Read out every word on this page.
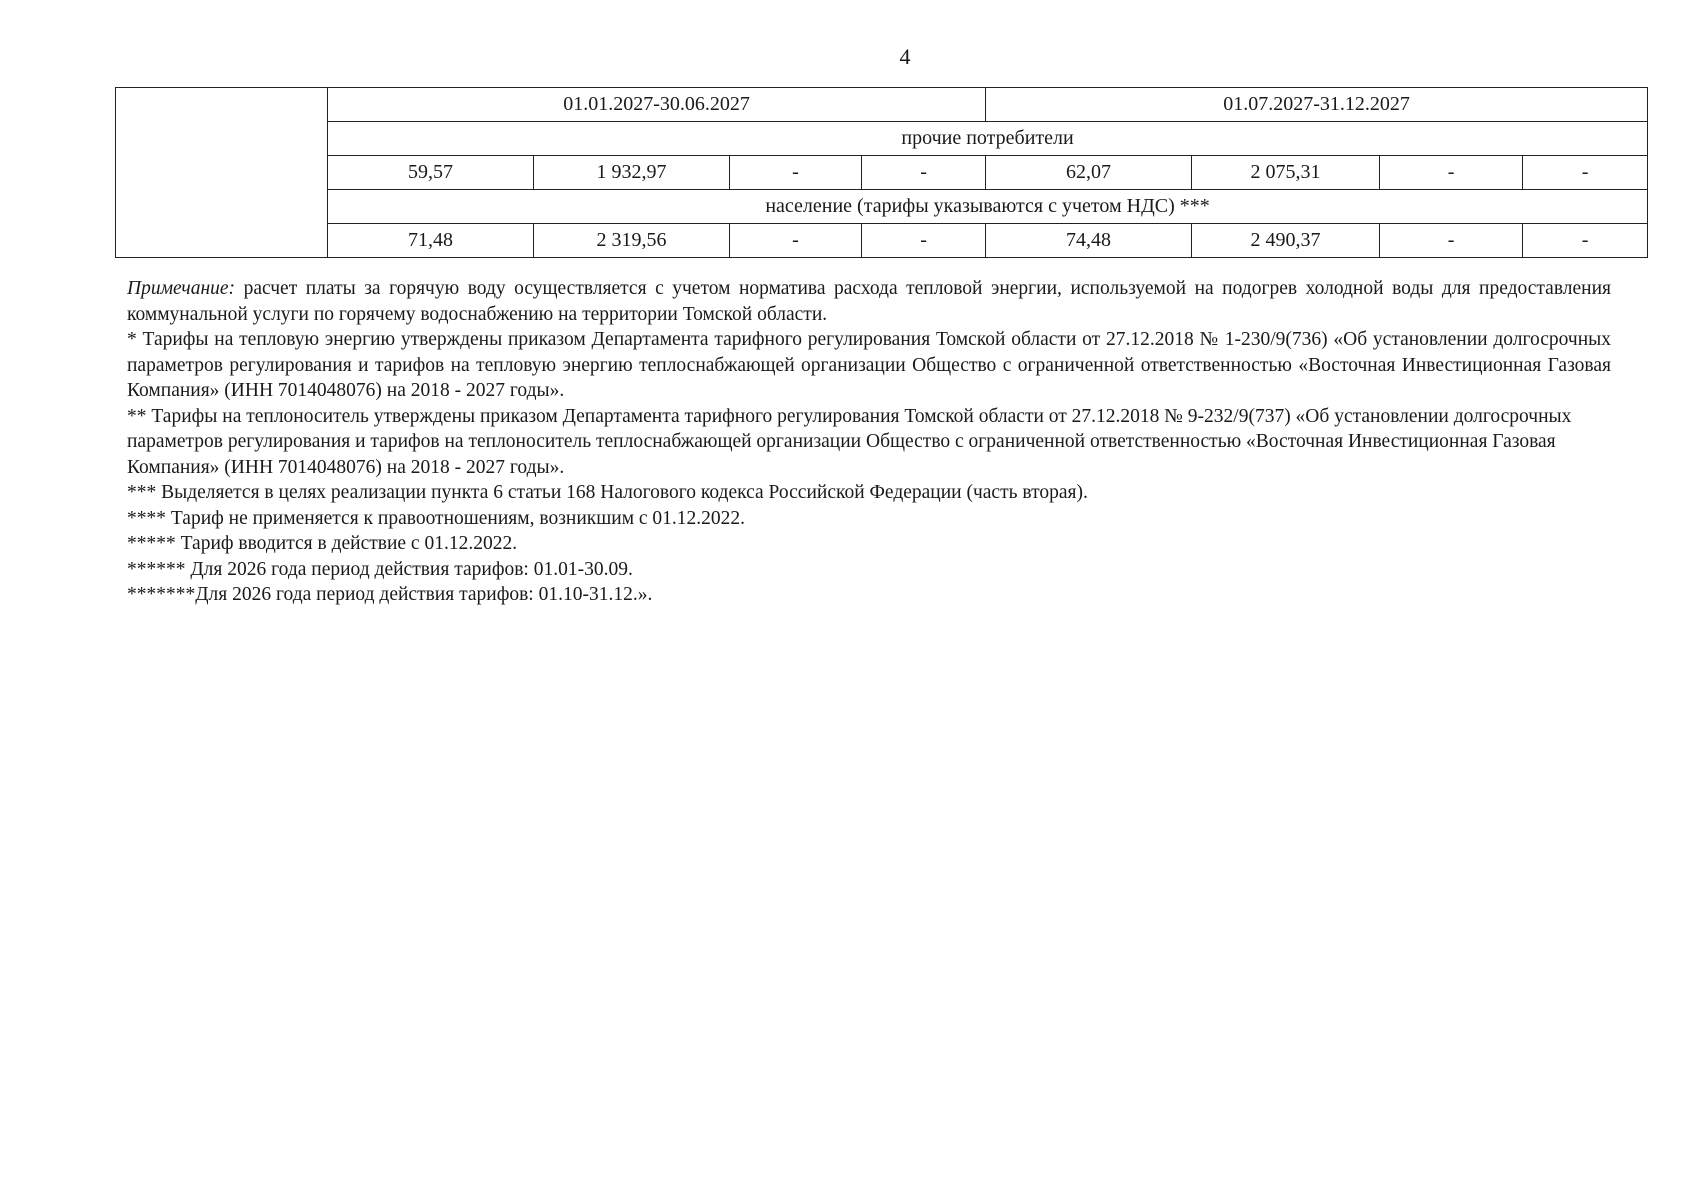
4
	01.01.2027-30.06.2027				01.07.2027-31.12.2027			
	прочие потребители							
	59,57	1 932,97	-	-	62,07	2 075,31	-	-
	население (тарифы указываются с учетом НДС) ***							
	71,48	2 319,56	-	-	74,48	2 490,37	-	-

Примечание: расчет платы за горячую воду осуществляется с учетом норматива расхода тепловой энергии, используемой на подогрев холодной воды для предоставления коммунальной услуги по горячему водоснабжению на территории Томской области.

* Тарифы на тепловую энергию утверждены приказом Департамента тарифного регулирования Томской области от 27.12.2018 № 1-230/9(736) «Об установлении долгосрочных параметров регулирования и тарифов на тепловую энергию теплоснабжающей организации Общество с ограниченной ответственностью «Восточная Инвестиционная Газовая Компания» (ИНН 7014048076) на 2018 - 2027 годы».

** Тарифы на теплоноситель утверждены приказом Департамента тарифного регулирования Томской области от 27.12.2018 № 9-232/9(737) «Об установлении долгосрочных параметров регулирования и тарифов на теплоноситель теплоснабжающей организации Общество с ограниченной ответственностью «Восточная Инвестиционная Газовая Компания» (ИНН 7014048076) на 2018 - 2027 годы».

*** Выделяется в целях реализации пункта 6 статьи 168 Налогового кодекса Российской Федерации (часть вторая).

**** Тариф не применяется к правоотношениям, возникшим с 01.12.2022.

***** Тариф вводится в действие с 01.12.2022.

****** Для 2026 года период действия тарифов: 01.01-30.09.

*******Для 2026 года период действия тарифов: 01.10-31.12.».
